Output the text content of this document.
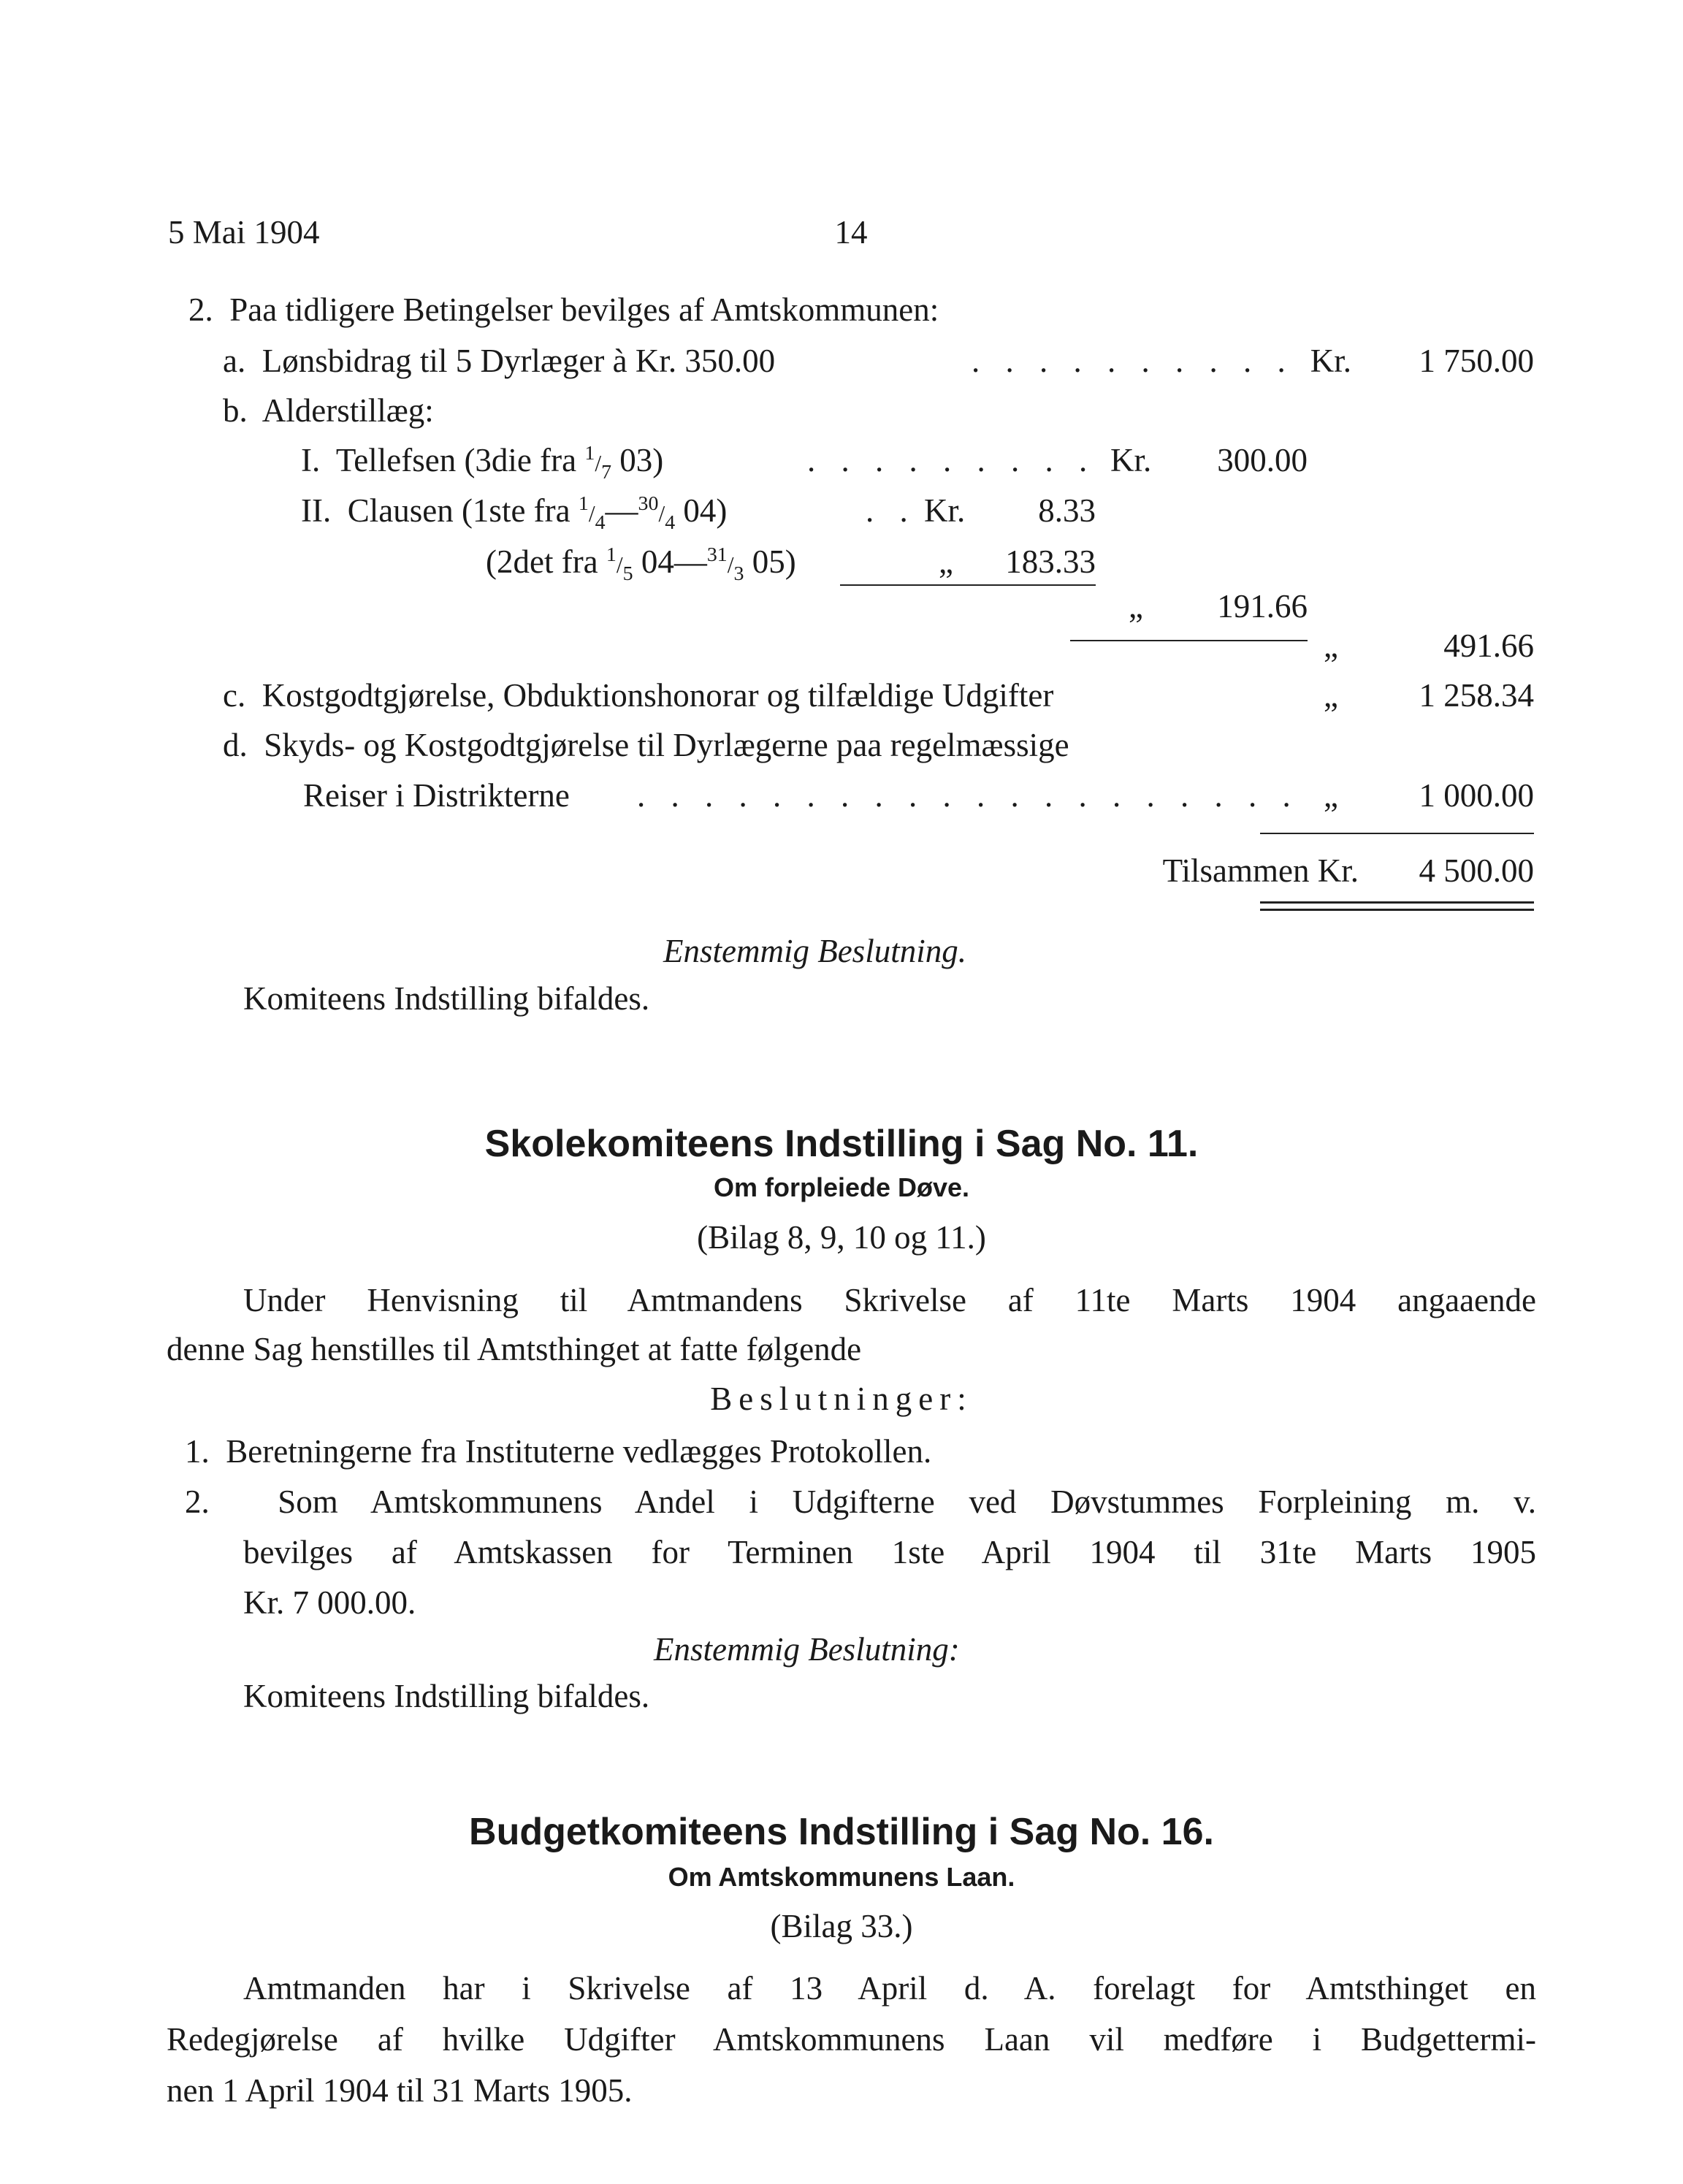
5 Mai 1904	14
2.  Paa tidligere Betingelser bevilges af Amtskommunen:
a.  Lønsbidrag til 5 Dyrlæger à Kr. 350.00	. . . . . . . . . . Kr.	1 750.00
b.  Alderstillæg:
I.  Tellefsen (3die fra $^1/_7$ 03)	. . . . . . . . . Kr.	300.00
II.  Clausen (1ste fra $^1/_4—^{30}/_4$ 04)	. . Kr.	8.33
(2det fra $^1/_5$ $04—^{31}/_3$ 05)	„	183.33
„	191.66
„	491.66
c.  Kostgodtgjørelse, Obduktionshonorar og tilfældige Udgifter	„	1 258.34
d.  Skyds- og Kostgodtgjørelse til Dyrlægerne paa regelmæssige
Reiser i Distrikterne . . . . . . . . . . . . . . . . . . . . „	1 000.00
Tilsammen Kr.	4 500.00
Enstemmig Beslutning.
Komiteens Indstilling bifaldes.
Skolekomiteens Indstilling i Sag No. 11.
Om forpleiede Døve.
(Bilag 8, 9, 10 og 11.)
Under Henvisning til Amtmandens Skrivelse af 11te Marts 1904 angaaende
denne Sag henstilles til Amtsthinget at fatte følgende
Beslutninger:
1.  Beretningerne fra Instituterne vedlægges Protokollen.
2.  Som Amtskommunens Andel i Udgifterne ved Døvstummes Forpleining m. v.
bevilges af Amtskassen for Terminen 1ste April 1904 til 31te Marts 1905
Kr. 7 000.00.
Enstemmig Beslutning:
Komiteens Indstilling bifaldes.
Budgetkomiteens Indstilling i Sag No. 16.
Om Amtskommunens Laan.
(Bilag 33.)
Amtmanden har i Skrivelse af 13 April d. A. forelagt for Amtsthinget en
Redegjørelse af hvilke Udgifter Amtskommunens Laan vil medføre i Budgettermi-
nen 1 April 1904 til 31 Marts 1905.
